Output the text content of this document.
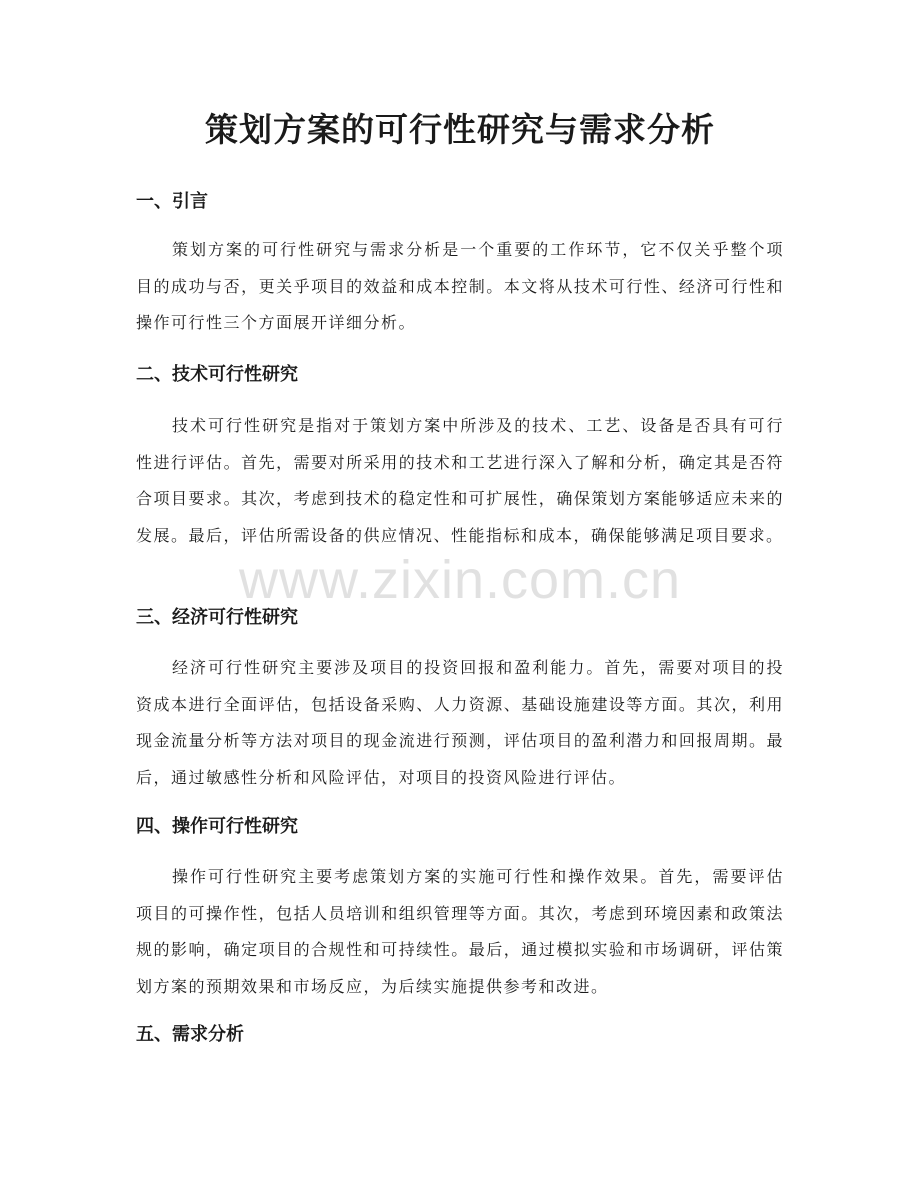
策划方案的可行性研究与需求分析
一、引言

策划方案的可行性研究与需求分析是一个重要的工作环节，它不仅关乎整个项目的成功与否，更关乎项目的效益和成本控制。本文将从技术可行性、经济可行性和操作可行性三个方面展开详细分析。

二、技术可行性研究

技术可行性研究是指对于策划方案中所涉及的技术、工艺、设备是否具有可行性进行评估。首先，需要对所采用的技术和工艺进行深入了解和分析，确定其是否符合项目要求。其次，考虑到技术的稳定性和可扩展性，确保策划方案能够适应未来的发展。最后，评估所需设备的供应情况、性能指标和成本，确保能够满足项目要求。

三、经济可行性研究

经济可行性研究主要涉及项目的投资回报和盈利能力。首先，需要对项目的投资成本进行全面评估，包括设备采购、人力资源、基础设施建设等方面。其次，利用现金流量分析等方法对项目的现金流进行预测，评估项目的盈利潜力和回报周期。最后，通过敏感性分析和风险评估，对项目的投资风险进行评估。

四、操作可行性研究

操作可行性研究主要考虑策划方案的实施可行性和操作效果。首先，需要评估项目的可操作性，包括人员培训和组织管理等方面。其次，考虑到环境因素和政策法规的影响，确定项目的合规性和可持续性。最后，通过模拟实验和市场调研，评估策划方案的预期效果和市场反应，为后续实施提供参考和改进。

五、需求分析
www.zixin.com.cn
